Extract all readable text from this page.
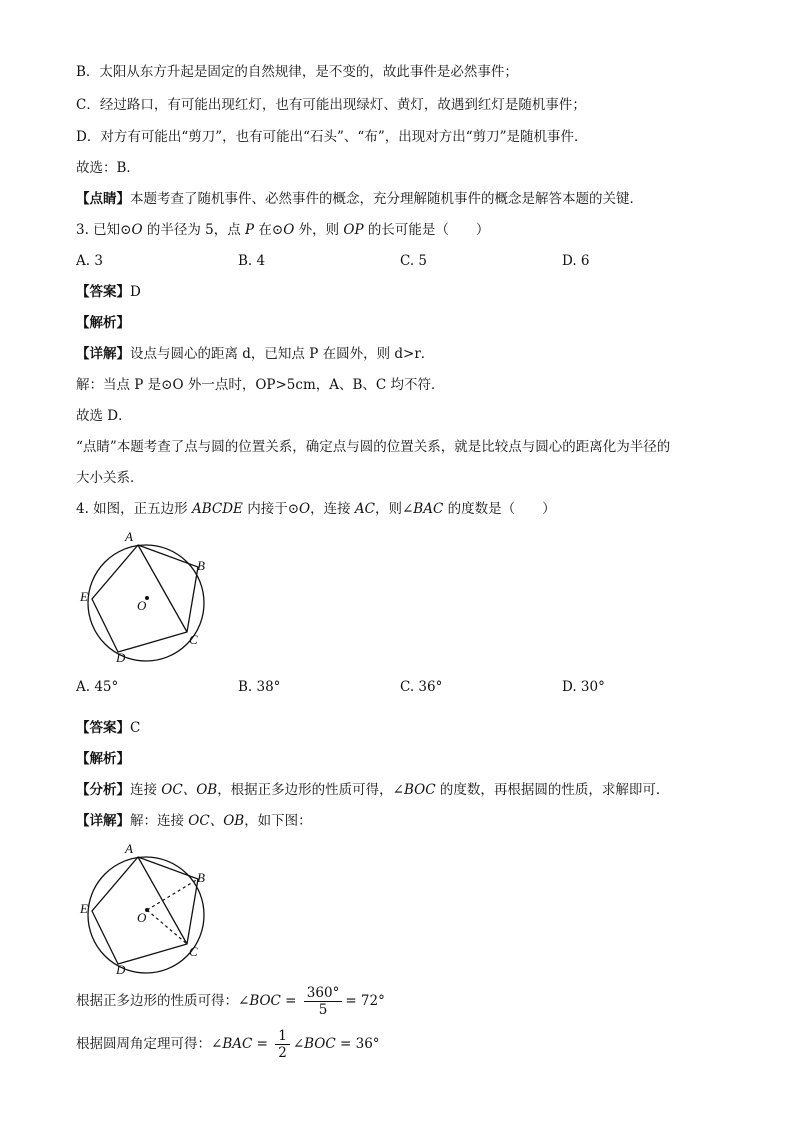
B．太阳从东方升起是固定的自然规律，是不变的，故此事件是必然事件；
C．经过路口，有可能出现红灯，也有可能出现绿灯、黄灯，故遇到红灯是随机事件；
D．对方有可能出“剪刀”，也有可能出“石头”、“布”，出现对方出“剪刀”是随机事件．
故选：B．
【点睛】本题考查了随机事件、必然事件的概念，充分理解随机事件的概念是解答本题的关键．
3. 已知⊙O 的半径为 5，点 P 在⊙O 外，则 OP 的长可能是（　　）
A. 3	B. 4	C. 5	D. 6
【答案】D
【解析】
【详解】设点与圆心的距离 d，已知点 P 在圆外，则 d>r．
解：当点 P 是⊙O 外一点时，OP>5cm，A、B、C 均不符．
故选 D．
“点睛”本题考查了点与圆的位置关系，确定点与圆的位置关系，就是比较点与圆心的距离化为半径的
大小关系．
4. 如图，正五边形 ABCDE 内接于⊙O，连接 AC，则∠BAC 的度数是（　　）
A
B
C
D
E
O
A. 45°	B. 38°	C. 36°	D. 30°
【答案】C
【解析】
【分析】连接 OC、OB，根据正多边形的性质可得，∠BOC 的度数，再根据圆的性质，求解即可．
【详解】解：连接 OC、OB，如下图：
A
B
C
D
E
O
根据正多边形的性质可得：∠BOC = $\frac{360^\circ}{5} = 72^\circ$
根据圆周角定理可得：∠BAC = $\frac{1}{2}$ ∠BOC = 36°
